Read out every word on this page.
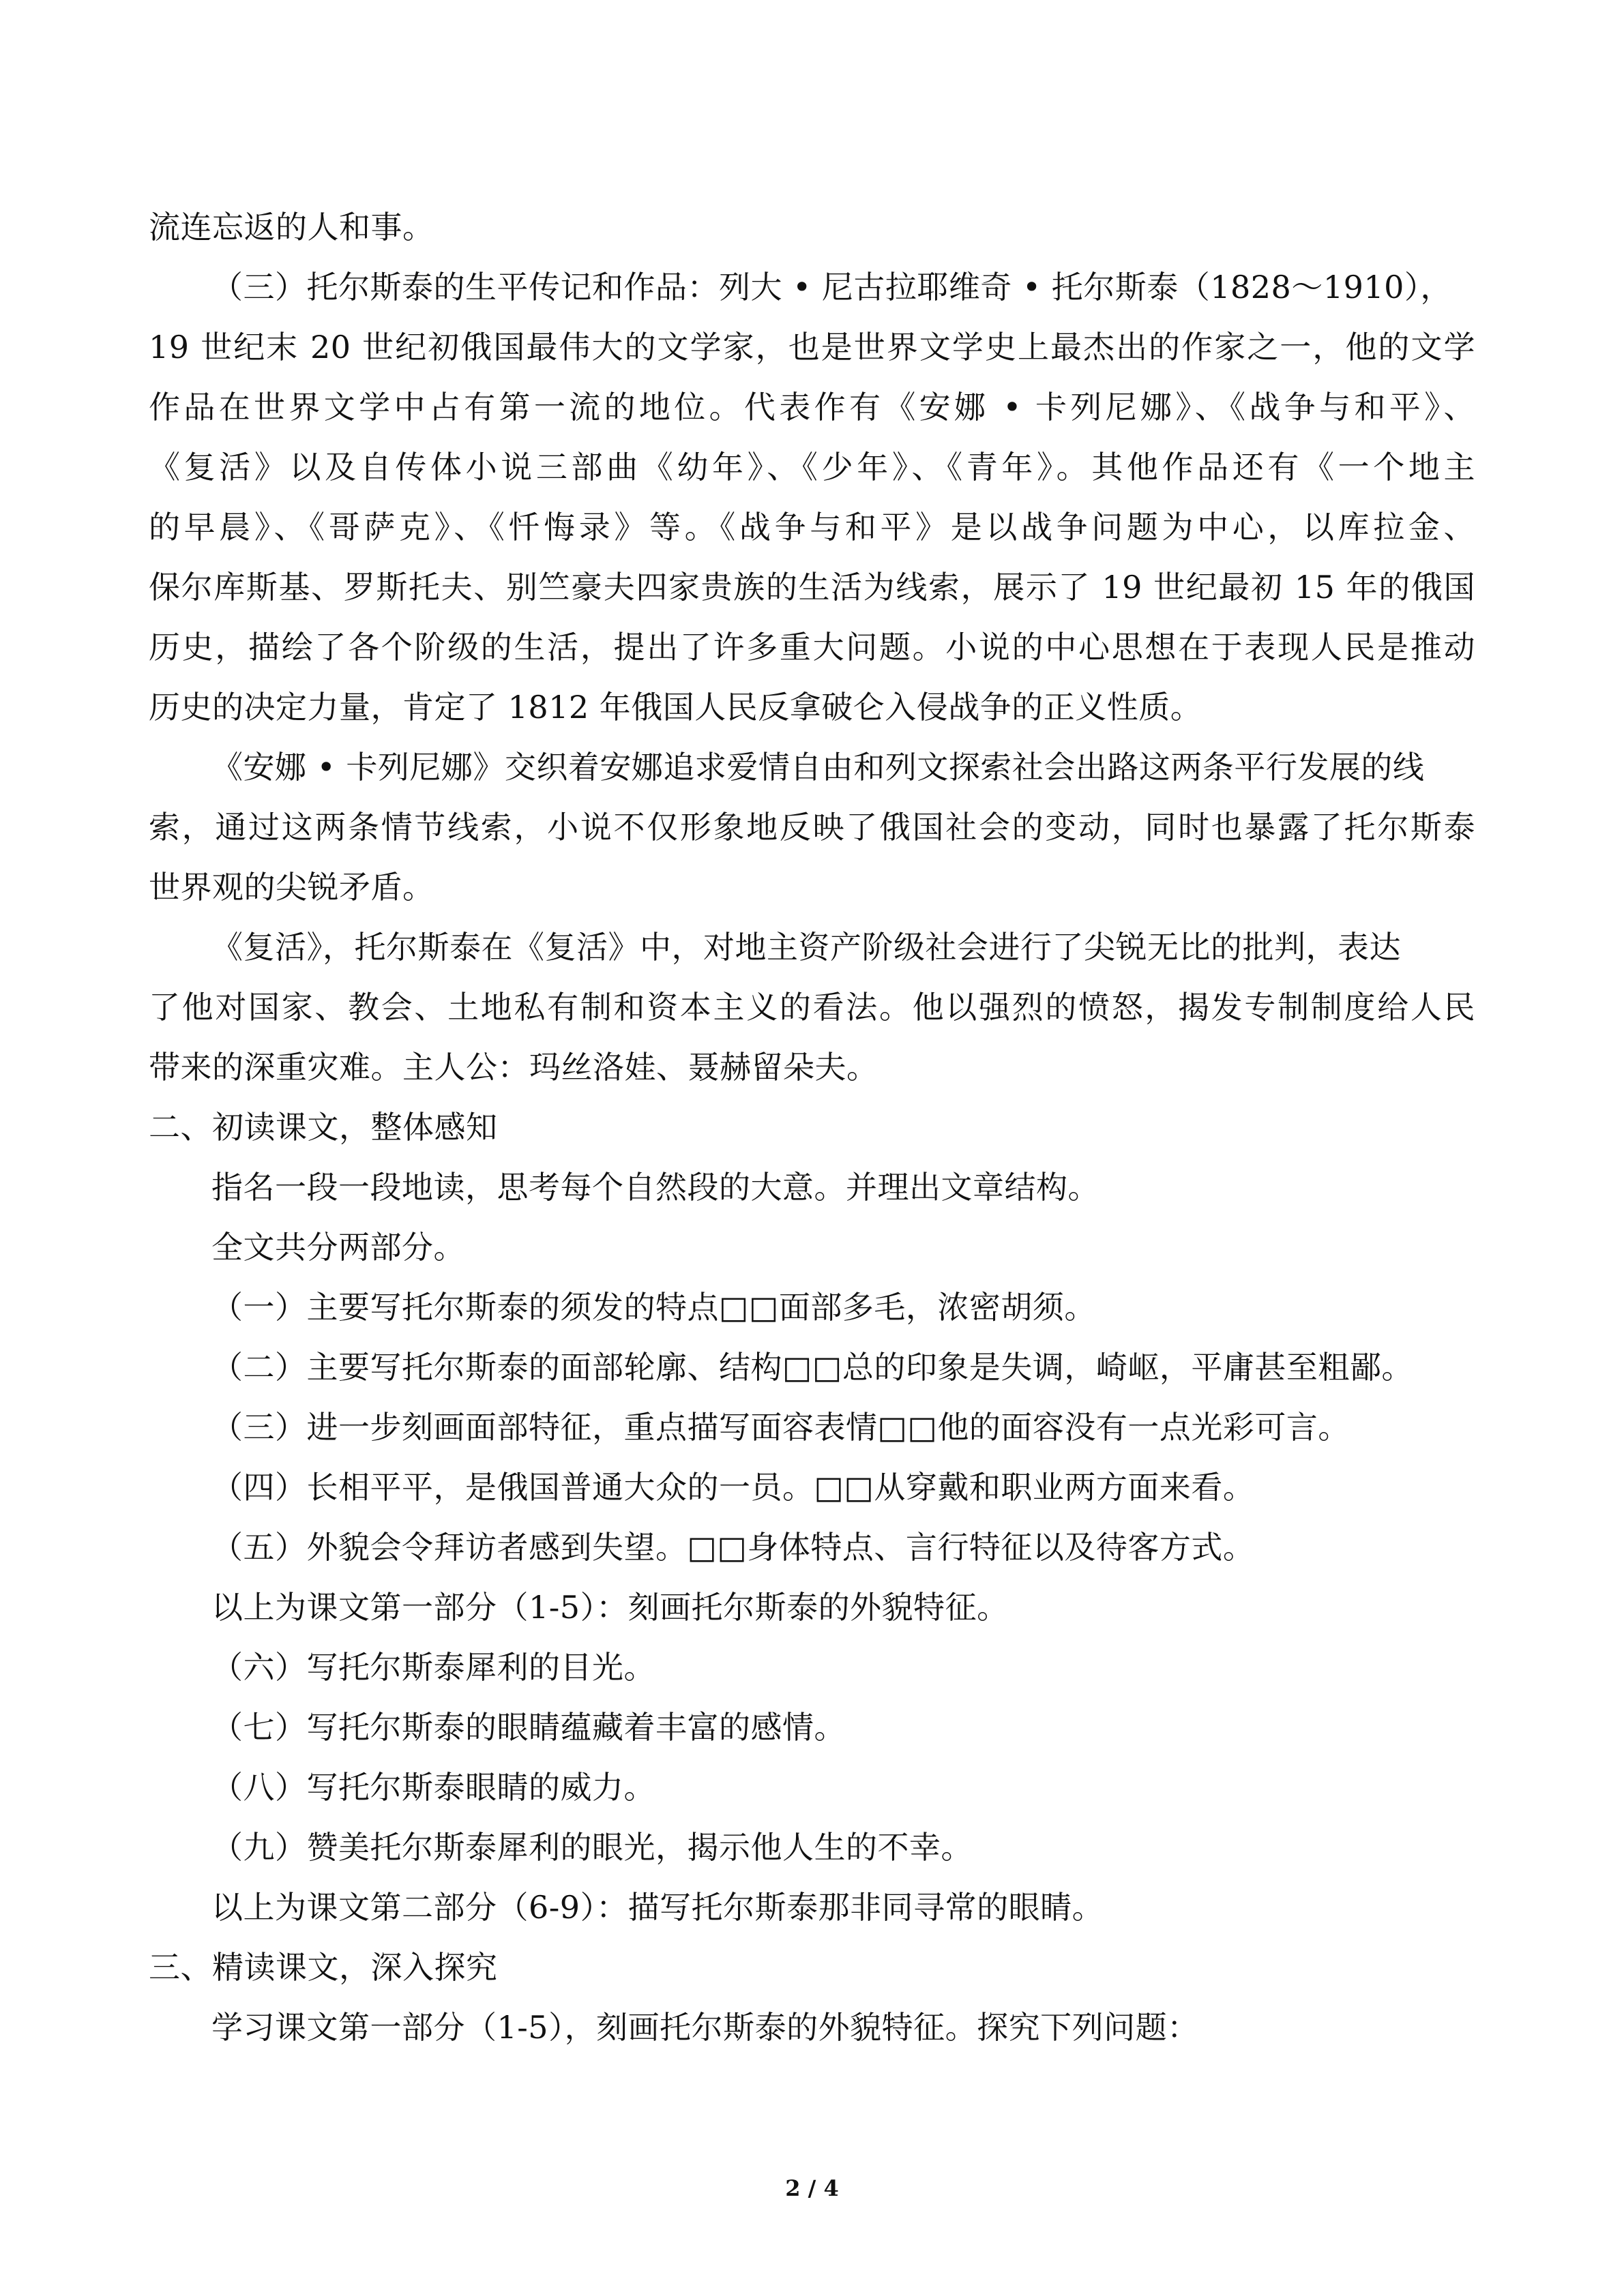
流连忘返的人和事。
（三）托尔斯泰的生平传记和作品：列大 • 尼古拉耶维奇 • 托尔斯泰（1828～1910），
19 世纪末 20 世纪初俄国最伟大的文学家，也是世界文学史上最杰出的作家之一，他的文学
作品在世界文学中占有第一流的地位。代表作有《安娜 • 卡列尼娜》、《战争与和平》、
《复活》以及自传体小说三部曲《幼年》、《少年》、《青年》。其他作品还有《一个地主
的早晨》、《哥萨克》、《忏悔录》等。《战争与和平》是以战争问题为中心，以库拉金、
保尔库斯基、罗斯托夫、别竺豪夫四家贵族的生活为线索，展示了 19 世纪最初 15 年的俄国
历史，描绘了各个阶级的生活，提出了许多重大问题。小说的中心思想在于表现人民是推动
历史的决定力量，肯定了 1812 年俄国人民反拿破仑入侵战争的正义性质。
《安娜 • 卡列尼娜》交织着安娜追求爱情自由和列文探索社会出路这两条平行发展的线
索，通过这两条情节线索，小说不仅形象地反映了俄国社会的变动，同时也暴露了托尔斯泰
世界观的尖锐矛盾。
《复活》，托尔斯泰在《复活》中，对地主资产阶级社会进行了尖锐无比的批判，表达
了他对国家、教会、土地私有制和资本主义的看法。他以强烈的愤怒，揭发专制制度给人民
带来的深重灾难。主人公：玛丝洛娃、聂赫留朵夫。
二、初读课文，整体感知
指名一段一段地读，思考每个自然段的大意。并理出文章结构。
全文共分两部分。
（一）主要写托尔斯泰的须发的特点□□面部多毛，浓密胡须。
（二）主要写托尔斯泰的面部轮廓、结构□□总的印象是失调，崎岖，平庸甚至粗鄙。
（三）进一步刻画面部特征，重点描写面容表情□□他的面容没有一点光彩可言。
（四）长相平平，是俄国普通大众的一员。□□从穿戴和职业两方面来看。
（五）外貌会令拜访者感到失望。□□身体特点、言行特征以及待客方式。
以上为课文第一部分（1-5）：刻画托尔斯泰的外貌特征。
（六）写托尔斯泰犀利的目光。
（七）写托尔斯泰的眼睛蕴藏着丰富的感情。
（八）写托尔斯泰眼睛的威力。
（九）赞美托尔斯泰犀利的眼光，揭示他人生的不幸。
以上为课文第二部分（6-9）：描写托尔斯泰那非同寻常的眼睛。
三、精读课文，深入探究
学习课文第一部分（1-5），刻画托尔斯泰的外貌特征。探究下列问题：
2 / 4
